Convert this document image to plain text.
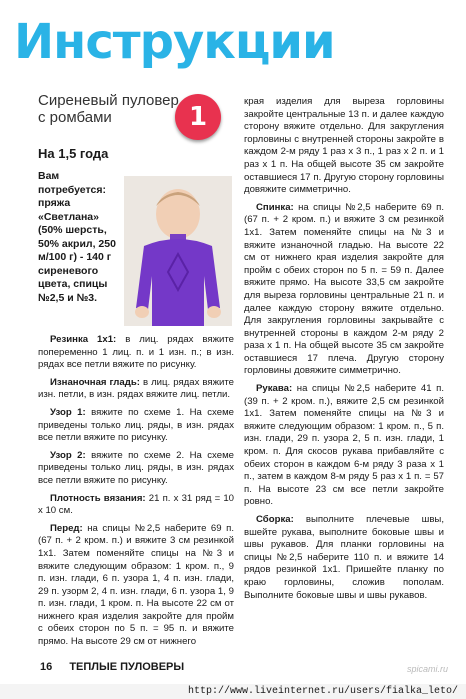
Инструкции
Сиреневый пуловер с ромбами
На 1,5 года
1
Вам потребуется: пряжа «Светлана» (50% шерсть, 50% акрил, 250 м/100 г) - 140 г сиреневого цвета, спицы №2,5 и №3.

Резинка 1х1: в лиц. рядах вяжите попеременно 1 лиц. п. и 1 изн. п.; в изн. рядах все петли вяжите по рисунку.

Изнаночная гладь: в лиц. рядах вяжите изн. петли, в изн. рядах вяжите лиц. петли.

Узор 1: вяжите по схеме 1. На схеме приведены только лиц. ряды, в изн. рядах все петли вяжите по рисунку.

Узор 2: вяжите по схеме 2. На схеме приведены только лиц. ряды, в изн. рядах все петли вяжите по рисунку.

Плотность вязания: 21 п. x 31 ряд = 10 x 10 см.

Перед: на спицы №2,5 наберите 69 п. (67 п. + 2 кром. п.) и вяжите 3 см резинкой 1х1. Затем поменяйте спицы на №3 и вяжите следующим образом: 1 кром. п., 9 п. изн. глади, 6 п. узора 1, 4 п. изн. глади, 29 п. узорм 2, 4 п. изн. глади, 6 п. узора 1, 9 п. изн. глади, 1 кром. п. На высоте 22 см от нижнего края изделия закройте для пройм с обеих сторон по 5 п. = 95 п. и вяжите прямо. На высоте 29 см от нижнего

края изделия для выреза горловины закройте центральные 13 п. и далее каждую сторону вяжите отдельно. Для закругления горловины с внутренней стороны закройте в каждом 2-м ряду 1 раз x 3 п., 1 раз x 2 п. и 1 раз x 1 п. На общей высоте 35 см закройте оставшиеся 17 п. Другую сторону горловины довяжите симметрично.

Спинка: на спицы №2,5 наберите 69 п. (67 п. + 2 кром. п.) и вяжите 3 см резинкой 1х1. Затем поменяйте спицы на №3 и вяжите изнаночной гладью. На высоте 22 см от нижнего края изделия закройте для пройм с обеих сторон по 5 п. = 59 п. Далее вяжите прямо. На высоте 33,5 см закройте для выреза горловины центральные 21 п. и далее каждую сторону вяжите отдельно. Для закругления горловины закрывайте с внутренней стороны в каждом 2-м ряду 2 раза x 1 п. На общей высоте 35 см закройте оставшиеся 17 плеча. Другую сторону горловины довяжите симметрично.

Рукава: на спицы №2,5 наберите 41 п. (39 п. + 2 кром. п.), вяжите 2,5 см резинкой 1х1. Затем поменяйте спицы на №3 и вяжите следующим образом: 1 кром. п., 5 п. изн. глади, 29 п. узора 2, 5 п. изн. глади, 1 кром. п. Для скосов рукава прибавляйте с обеих сторон в каждом 6-м ряду 3 раза x 1 п., затем в каждом 8-м ряду 5 раз x 1 п. = 57 п. На высоте 23 см все петли закройте ровно.

Сборка: выполните плечевые швы, вшейте рукава, выполните боковые швы и швы рукавов. Для планки горловины на спицы №2,5 наберите 110 п. и вяжите 14 рядов резинкой 1х1. Пришейте планку по краю горловины, сложив пополам. Выполните боковые швы и швы рукавов.

16 ТЕПЛЫЕ ПУЛОВЕРЫ	spicami.ru
http://www.liveinternet.ru/users/fialka_leto/
